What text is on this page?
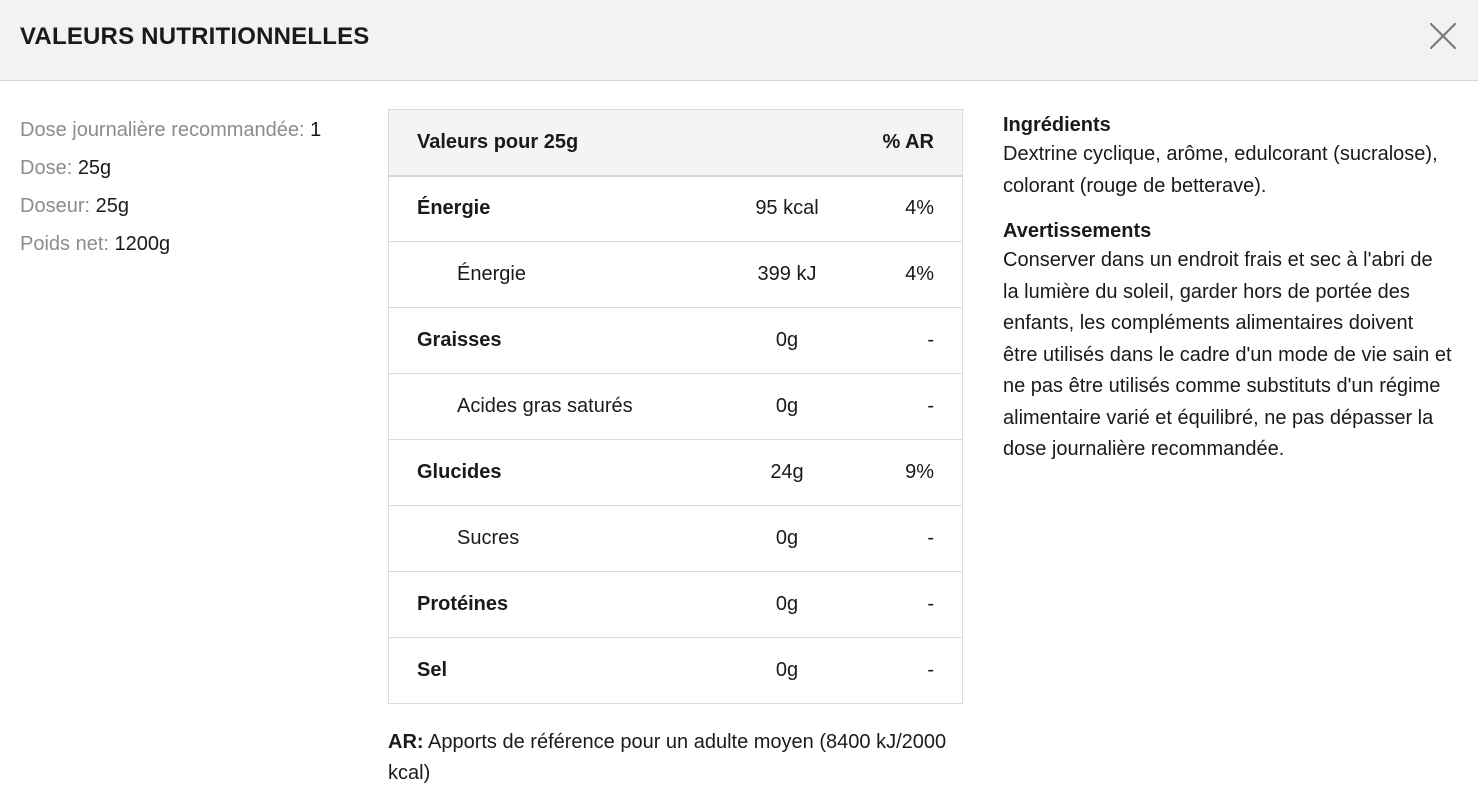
VALEURS NUTRITIONNELLES
Dose journalière recommandée: 1
Dose: 25g
Doseur: 25g
Poids net: 1200g
Valeurs pour 25g		% AR
Énergie	95 kcal	4%
Énergie	399 kJ	4%
Graisses	0g	-
Acides gras saturés	0g	-
Glucides	24g	9%
Sucres	0g	-
Protéines	0g	-
Sel	0g	-

AR: Apports de référence pour un adulte moyen (8400 kJ/2000 kcal)

Ingrédients

Dextrine cyclique, arôme, edulcorant (sucralose), colorant (rouge de betterave).

Avertissements

Conserver dans un endroit frais et sec à l'abri de la lumière du soleil, garder hors de portée des enfants, les compléments alimentaires doivent être utilisés dans le cadre d'un mode de vie sain et ne pas être utilisés comme substituts d'un régime alimentaire varié et équilibré, ne pas dépasser la dose journalière recommandée.
